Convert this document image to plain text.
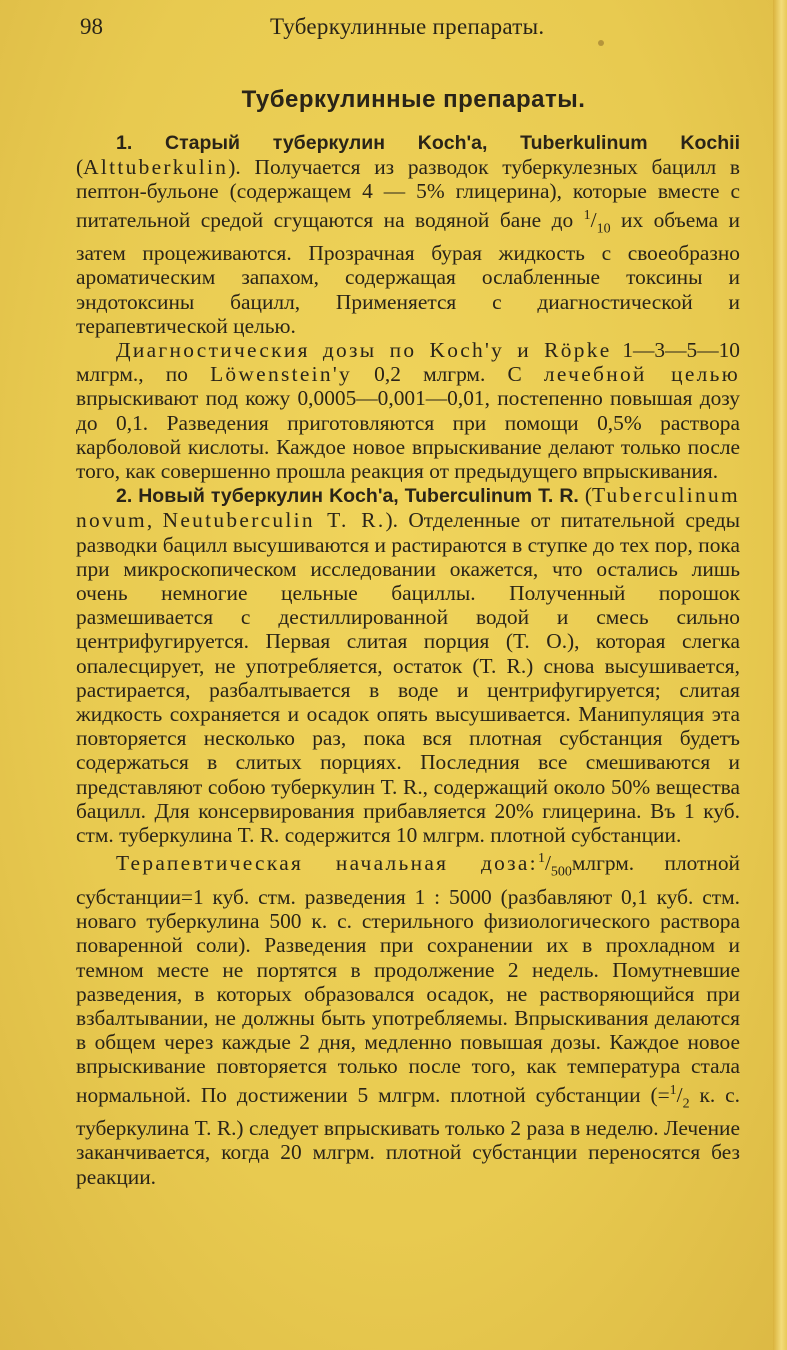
98	Туберкулинные препараты.
Туберкулинные препараты.

1. Старый туберкулин Koch'a, Tuberkulinum Kochii (Alttuberkulin). Получается из разводок туберкулезных бацилл в пептон-бульоне (содержащем 4 — 5% глицерина), которые вместе с питательной средой сгущаются на водяной бане до $^1/_{10}$ их объема и затем процеживаются. Прозрачная бурая жидкость с своеобразно ароматическим запахом, содержащая ослабленные токсины и эндотоксины бацилл, Применяется с диагностической и терапевтической целью.

Диагностическия дозы по Koch'y и Röpke 1—3—5—10 млгрм., по Löwenstein'y 0,2 млгрм. С лечебной целью впрыскивают под кожу 0,0005—0,001—0,01, постепенно повышая дозу до 0,1. Разведения приготовляются при помощи 0,5% раствора карболовой кислоты. Каждое новое впрыскивание делают только после того, как совершенно прошла реакция от предыдущего впрыскивания.

2. Новый туберкулин Koch'a, Tuberculinum T. R. (Tuberculinum novum, Neutuberculin T. R.). Отделенные от питательной среды разводки бацилл высушиваются и растираются в ступке до тех пор, пока при микроскопическом исследовании окажется, что остались лишь очень немногие цельные бациллы. Полученный порошок размешивается с дестиллированной водой и смесь сильно центрифугируется. Первая слитая порция (T. O.), которая слегка опалесцирует, не употребляется, остаток (T. R.) снова высушивается, растирается, разбалтывается в воде и центрифугируется; слитая жидкость сохраняется и осадок опять высушивается. Манипуляция эта повторяется несколько раз, пока вся плотная субстанция будетъ содержаться в слитых порциях. Последния все смешиваются и представляют собою туберкулин T. R., содержащий около 50% вещества бацилл. Для консервирования прибавляется 20% глицерина. Въ 1 куб. стм. туберкулина T. R. содержится 10 млгрм. плотной субстанции.

Терапевтическая начальная $доза:^1/_{500}млгрм$. плотной субстанции=1 куб. стм. разведения 1 : 5000 (разбавляют 0,1 куб. стм. новаго туберкулина 500 к. с. стерильного физиологического раствора поваренной соли). Разведения при сохранении их в прохладном и темном месте не портятся в продолжение 2 недель. Помутневшие разведения, в которых образовался осадок, не растворяющийся при взбалтывании, не должны быть употребляемы. Впрыскивания делаются в общем через каждые 2 дня, медленно повышая дозы. Каждое новое впрыскивание повторяется только после того, как температура стала нормальной. По достижении 5 млгрм. плотной субстанции ($=^1/_2$ к. с. туберкулина T. R.) следует впрыскивать только 2 раза в неделю. Лечение заканчивается, когда 20 млгрм. плотной субстанции переносятся без реакции.
